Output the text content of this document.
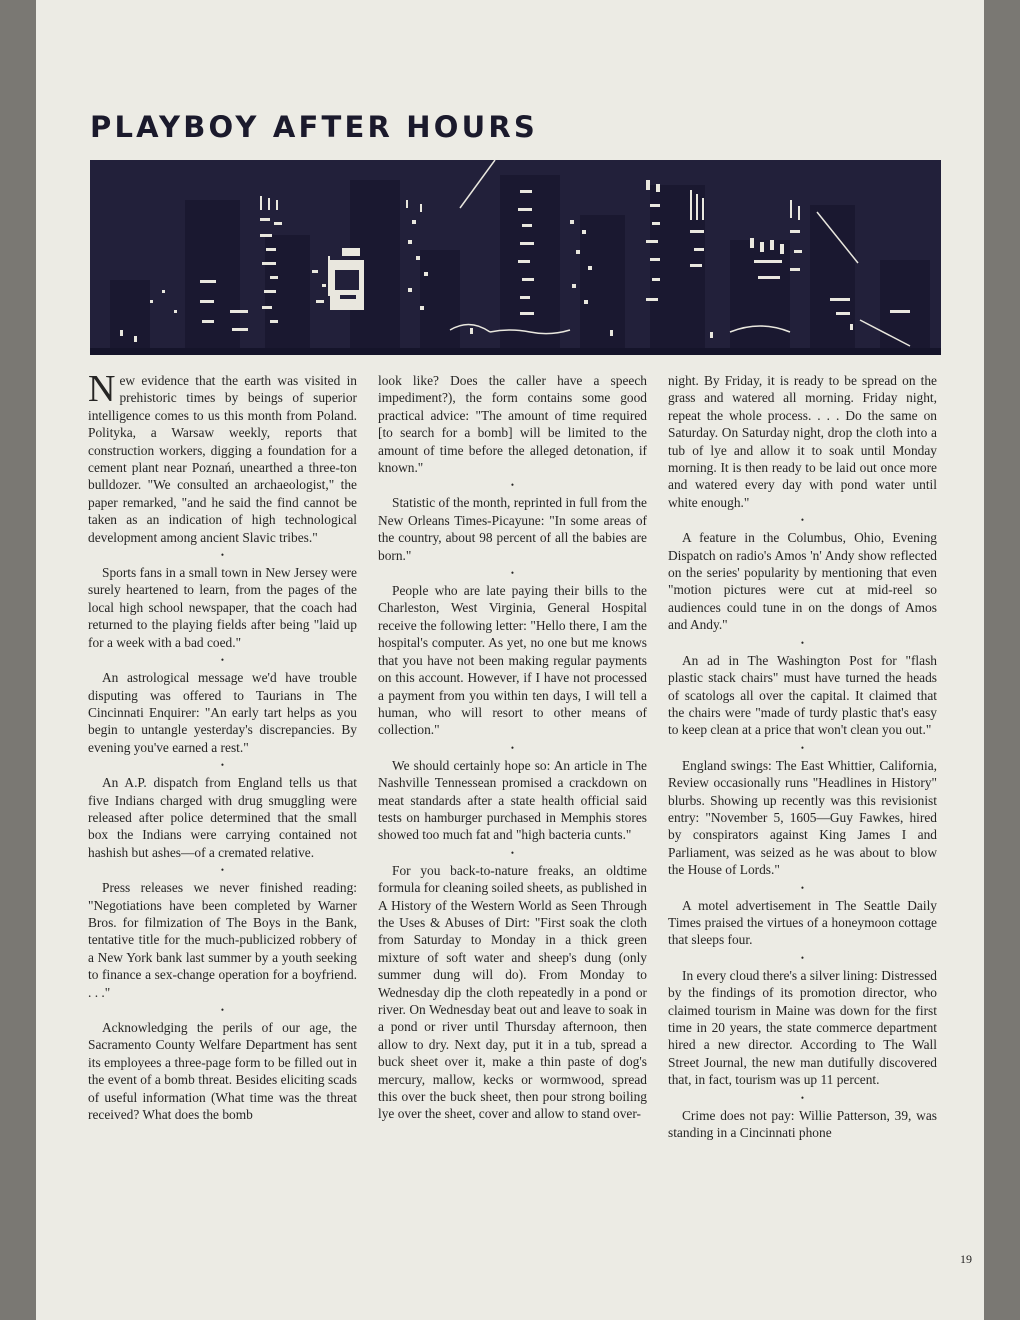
PLAYBOY AFTER HOURS

New evidence that the earth was visited in prehistoric times by beings of superior intelligence comes to us this month from Poland. Polityka, a Warsaw weekly, reports that construction workers, digging a foundation for a cement plant near Poznań, unearthed a three-ton bulldozer. "We consulted an archaeologist," the paper remarked, "and he said the find cannot be taken as an indication of high technological development among ancient Slavic tribes."

•

Sports fans in a small town in New Jersey were surely heartened to learn, from the pages of the local high school newspaper, that the coach had returned to the playing fields after being "laid up for a week with a bad coed."

•

An astrological message we'd have trouble disputing was offered to Taurians in The Cincinnati Enquirer: "An early tart helps as you begin to untangle yesterday's discrepancies. By evening you've earned a rest."

•

An A.P. dispatch from England tells us that five Indians charged with drug smuggling were released after police determined that the small box the Indians were carrying contained not hashish but ashes—of a cremated relative.

•

Press releases we never finished reading: "Negotiations have been completed by Warner Bros. for filmization of The Boys in the Bank, tentative title for the much-publicized robbery of a New York bank last summer by a youth seeking to finance a sex-change operation for a boyfriend. . . ."

•

Acknowledging the perils of our age, the Sacramento County Welfare Department has sent its employees a three-page form to be filled out in the event of a bomb threat. Besides eliciting scads of useful information (What time was the threat received? What does the bomb

look like? Does the caller have a speech impediment?), the form contains some good practical advice: "The amount of time required [to search for a bomb] will be limited to the amount of time before the alleged detonation, if known."

•

Statistic of the month, reprinted in full from the New Orleans Times-Picayune: "In some areas of the country, about 98 percent of all the babies are born."

•

People who are late paying their bills to the Charleston, West Virginia, General Hospital receive the following letter: "Hello there, I am the hospital's computer. As yet, no one but me knows that you have not been making regular payments on this account. However, if I have not processed a payment from you within ten days, I will tell a human, who will resort to other means of collection."

•

We should certainly hope so: An article in The Nashville Tennessean promised a crackdown on meat standards after a state health official said tests on hamburger purchased in Memphis stores showed too much fat and "high bacteria cunts."

•

For you back-to-nature freaks, an oldtime formula for cleaning soiled sheets, as published in A History of the Western World as Seen Through the Uses & Abuses of Dirt: "First soak the cloth from Saturday to Monday in a thick green mixture of soft water and sheep's dung (only summer dung will do). From Monday to Wednesday dip the cloth repeatedly in a pond or river. On Wednesday beat out and leave to soak in a pond or river until Thursday afternoon, then allow to dry. Next day, put it in a tub, spread a buck sheet over it, make a thin paste of dog's mercury, mallow, kecks or wormwood, spread this over the buck sheet, then pour strong boiling lye over the sheet, cover and allow to stand over-

night. By Friday, it is ready to be spread on the grass and watered all morning. Friday night, repeat the whole process. . . . Do the same on Saturday. On Saturday night, drop the cloth into a tub of lye and allow it to soak until Monday morning. It is then ready to be laid out once more and watered every day with pond water until white enough."

•

A feature in the Columbus, Ohio, Evening Dispatch on radio's Amos 'n' Andy show reflected on the series' popularity by mentioning that even "motion pictures were cut at mid-reel so audiences could tune in on the dongs of Amos and Andy."

•

An ad in The Washington Post for "flash plastic stack chairs" must have turned the heads of scatologs all over the capital. It claimed that the chairs were "made of turdy plastic that's easy to keep clean at a price that won't clean you out."

•

England swings: The East Whittier, California, Review occasionally runs "Headlines in History" blurbs. Showing up recently was this revisionist entry: "November 5, 1605—Guy Fawkes, hired by conspirators against King James I and Parliament, was seized as he was about to blow the House of Lords."

•

A motel advertisement in The Seattle Daily Times praised the virtues of a honeymoon cottage that sleeps four.

•

In every cloud there's a silver lining: Distressed by the findings of its promotion director, who claimed tourism in Maine was down for the first time in 20 years, the state commerce department hired a new director. According to The Wall Street Journal, the new man dutifully discovered that, in fact, tourism was up 11 percent.

•

Crime does not pay: Willie Patterson, 39, was standing in a Cincinnati phone

19
